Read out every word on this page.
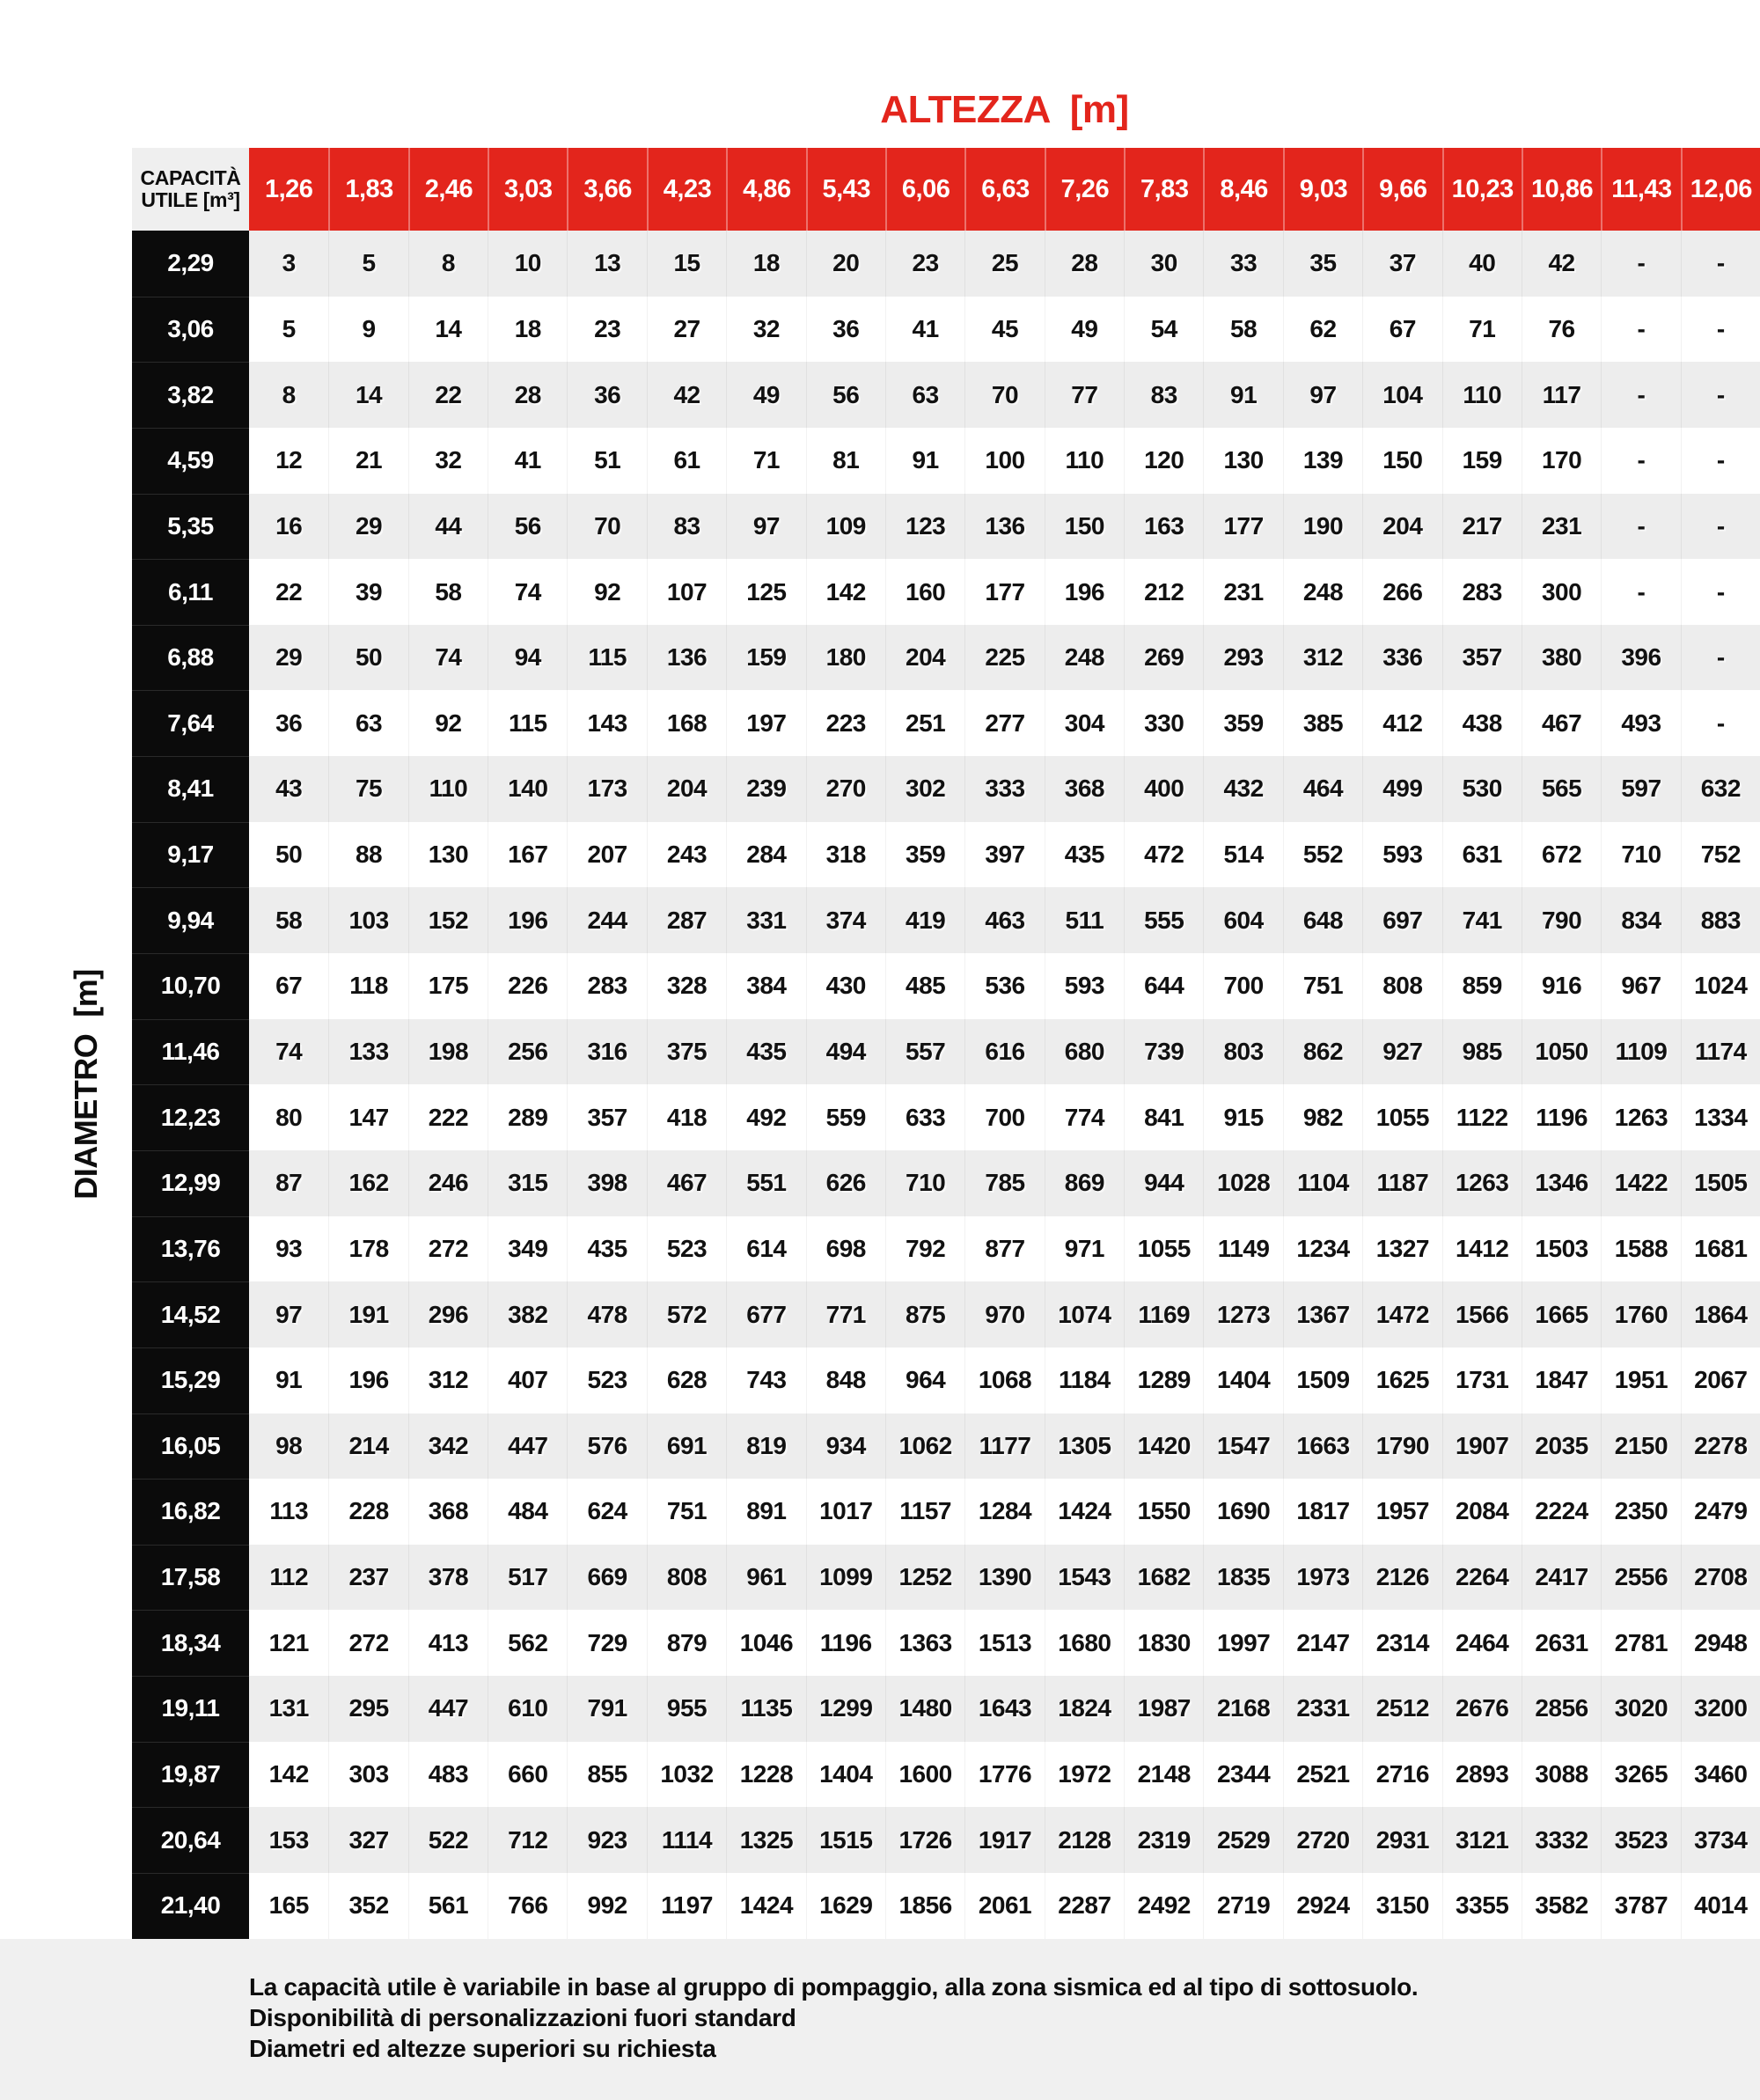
ALTEZZA  [m]
DIAMETRO  [m]
CAPACITÀ
UTILE [m³] 1,26	1,83	2,46	3,03	3,66	4,23	4,86	5,43	6,06	6,63	7,26	7,83	8,46	9,03	9,66 10,23 10,86 11,43 12,06
2,29	3	5	8	10	13	15	18	20	23	25	28	30	33	35	37	40	42	-	-
3,06	5	9	14	18	23	27	32	36	41	45	49	54	58	62	67	71	76	-	-
3,82	8	14	22	28	36	42	49	56	63	70	77	83	91	97	104	110	117	-	-
4,59	12	21	32	41	51	61	71	81	91	100	110	120	130	139	150	159	170	-	-
5,35	16	29	44	56	70	83	97	109	123	136	150	163	177	190	204	217	231	-	-
6,11	22	39	58	74	92	107	125	142	160	177	196	212	231	248	266	283	300	-	-
6,88	29	50	74	94	115	136	159	180	204	225	248	269	293	312	336	357	380	396	-
7,64	36	63	92	115	143	168	197	223	251	277	304	330	359	385	412	438	467	493	-
8,41	43	75	110	140	173	204	239	270	302	333	368	400	432	464	499	530	565	597	632
9,17	50	88	130	167	207	243	284	318	359	397	435	472	514	552	593	631	672	710	752
9,94	58	103	152	196	244	287	331	374	419	463	511	555	604	648	697	741	790	834	883
10,70	67	118	175	226	283	328	384	430	485	536	593	644	700	751	808	859	916	967	1024
11,46	74	133	198	256	316	375	435	494	557	616	680	739	803	862	927	985	1050	1109	1174
12,23	80	147	222	289	357	418	492	559	633	700	774	841	915	982	1055	1122	1196	1263	1334
12,99	87	162	246	315	398	467	551	626	710	785	869	944	1028	1104	1187	1263	1346	1422	1505
13,76	93	178	272	349	435	523	614	698	792	877	971	1055	1149	1234	1327	1412	1503	1588	1681
14,52	97	191	296	382	478	572	677	771	875	970	1074	1169	1273	1367	1472	1566	1665	1760	1864
15,29	91	196	312	407	523	628	743	848	964	1068	1184	1289	1404	1509	1625	1731	1847	1951	2067
16,05	98	214	342	447	576	691	819	934	1062	1177	1305	1420	1547	1663	1790	1907	2035	2150	2278
16,82	113	228	368	484	624	751	891	1017	1157	1284	1424	1550	1690	1817	1957	2084	2224	2350	2479
17,58	112	237	378	517	669	808	961	1099	1252	1390	1543	1682	1835	1973	2126	2264	2417	2556	2708
18,34	121	272	413	562	729	879	1046	1196	1363	1513	1680	1830	1997	2147	2314	2464	2631	2781	2948
19,11	131	295	447	610	791	955	1135	1299	1480	1643	1824	1987	2168	2331	2512	2676	2856	3020	3200
19,87	142	303	483	660	855	1032	1228	1404	1600	1776	1972	2148	2344	2521	2716	2893	3088	3265	3460
20,64	153	327	522	712	923	1114	1325	1515	1726	1917	2128	2319	2529	2720	2931	3121	3332	3523	3734
21,40	165	352	561	766	992	1197	1424	1629	1856	2061	2287	2492	2719	2924	3150	3355	3582	3787	4014
La capacità utile è variabile in base al gruppo di pompaggio, alla zona sismica ed al tipo di sottosuolo.
Disponibilità di personalizzazioni fuori standard
Diametri ed altezze superiori su richiesta
